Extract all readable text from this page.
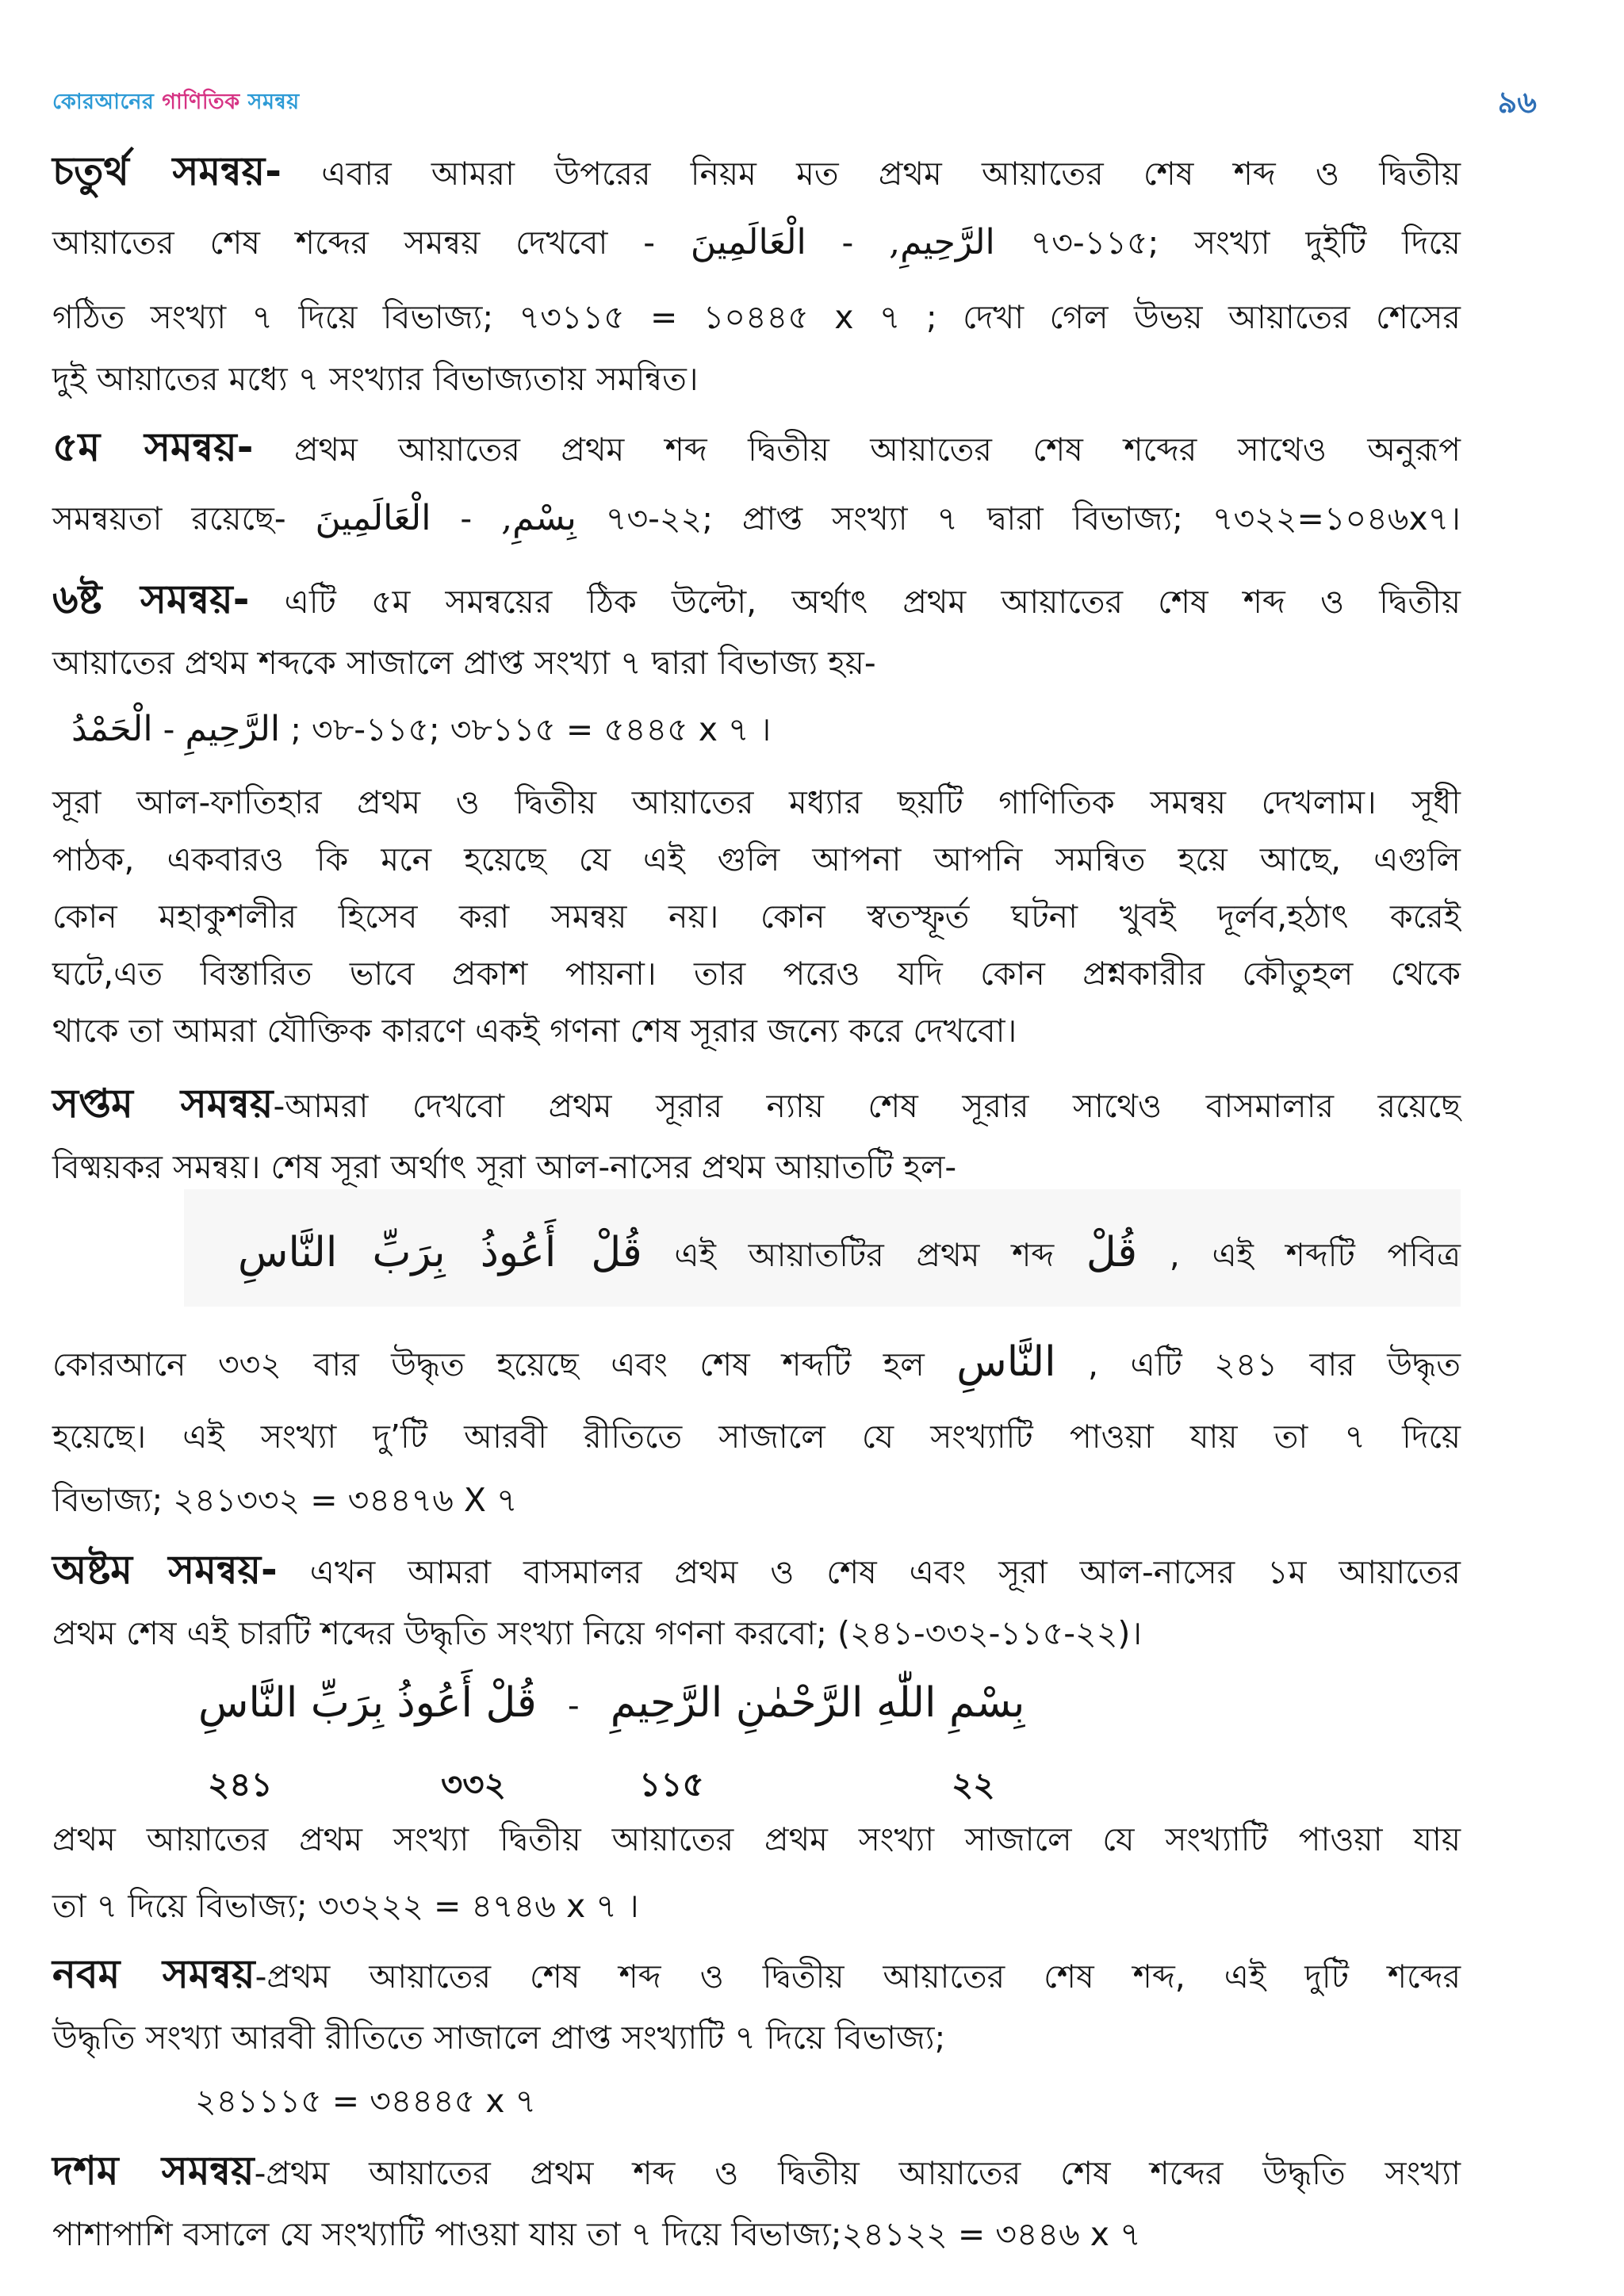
কোরআনের গাণিতিক সমন্বয়	৯৬
চতুর্থ সমন্বয়- এবার আমরা উপরের নিয়ম মত প্রথম আয়াতের শেষ শব্দ ও দ্বিতীয়
আয়াতের শেষ শব্দের সমন্বয় দেখবো - الْعَالَمِينَ - الرَّحِيمِ, ৭৩-১১৫; সংখ্যা দুইটি দিয়ে
গঠিত সংখ্যা ৭ দিয়ে বিভাজ্য; ৭৩১১৫ = ১০৪৪৫ x ৭ ; দেখা গেল উভয় আয়াতের শেসের
দুই আয়াতের মধ্যে ৭ সংখ্যার বিভাজ্যতায় সমন্বিত।
৫ম সমন্বয়- প্রথম আয়াতের প্রথম শব্দ দ্বিতীয় আয়াতের শেষ শব্দের সাথেও অনুরূপ
সমন্বয়তা রয়েছে- الْعَالَمِينَ - بِسْمِ, ৭৩-২২; প্রাপ্ত সংখ্যা ৭ দ্বারা বিভাজ্য; ৭৩২২=১০৪৬x৭।
৬ষ্ট সমন্বয়- এটি ৫ম সমন্বয়ের ঠিক উল্টো, অর্থাৎ প্রথম আয়াতের শেষ শব্দ ও দ্বিতীয়
আয়াতের প্রথম শব্দকে সাজালে প্রাপ্ত সংখ্যা ৭ দ্বারা বিভাজ্য হয়-
الْحَمْدُ - الرَّحِيمِ ; ৩৮-১১৫; ৩৮১১৫ = ৫৪৪৫ x ৭ ।
সূরা আল-ফাতিহার প্রথম ও দ্বিতীয় আয়াতের মধ্যার ছয়টি গাণিতিক সমন্বয় দেখলাম। সূধী
পাঠক, একবারও কি মনে হয়েছে যে এই গুলি আপনা আপনি সমন্বিত হয়ে আছে, এগুলি
কোন মহাকুশলীর হিসেব করা সমন্বয় নয়। কোন স্বতস্ফূর্ত ঘটনা খুবই দূর্লব,হঠাৎ করেই
ঘটে,এত বিস্তারিত ভাবে প্রকাশ পায়না। তার পরেও যদি কোন প্রশ্নকারীর কৌতুহল থেকে
থাকে তা আমরা যৌক্তিক কারণে একই গণনা শেষ সূরার জন্যে করে দেখবো।
সপ্তম সমন্বয়-আমরা দেখবো প্রথম সূরার ন্যায় শেষ সূরার সাথেও বাসমালার রয়েছে
বিষ্ময়কর সমন্বয়। শেষ সূরা অর্থাৎ সূরা আল-নাসের প্রথম আয়াতটি হল-
قُلْ أَعُوذُ بِرَبِّ النَّاسِ এই আয়াতটির প্রথম শব্দ قُلْ , এই শব্দটি পবিত্র
কোরআনে ৩৩২ বার উদ্ধৃত হয়েছে এবং শেষ শব্দটি হল النَّاسِ , এটি ২৪১ বার উদ্ধৃত
হয়েছে। এই সংখ্যা দু’টি আরবী রীতিতে সাজালে যে সংখ্যাটি পাওয়া যায় তা ৭ দিয়ে
বিভাজ্য; ২৪১৩৩২ = ৩৪৪৭৬ X ৭
অষ্টম সমন্বয়- এখন আমরা বাসমালর প্রথম ও শেষ এবং সূরা আল-নাসের ১ম আয়াতের
প্রথম শেষ এই চারটি শব্দের উদ্ধৃতি সংখ্যা নিয়ে গণনা করবো; (২৪১-৩৩২-১১৫-২২)।
قُلْ أَعُوذُ بِرَبِّ النَّاسِ - بِسْمِ اللّٰهِ الرَّحْمٰنِ الرَّحِيمِ
২৪১	৩৩২	১১৫	২২
প্রথম আয়াতের প্রথম সংখ্যা দ্বিতীয় আয়াতের প্রথম সংখ্যা সাজালে যে সংখ্যাটি পাওয়া যায়
তা ৭ দিয়ে বিভাজ্য; ৩৩২২২ = ৪৭৪৬ x ৭ ।
নবম সমন্বয়-প্রথম আয়াতের শেষ শব্দ ও দ্বিতীয় আয়াতের শেষ শব্দ, এই দুটি শব্দের
উদ্ধৃতি সংখ্যা আরবী রীতিতে সাজালে প্রাপ্ত সংখ্যাটি ৭ দিয়ে বিভাজ্য;
২৪১১১৫ = ৩৪৪৪৫ x ৭
দশম সমন্বয়-প্রথম আয়াতের প্রথম শব্দ ও দ্বিতীয় আয়াতের শেষ শব্দের উদ্ধৃতি সংখ্যা
পাশাপাশি বসালে যে সংখ্যাটি পাওয়া যায় তা ৭ দিয়ে বিভাজ্য;২৪১২২ = ৩৪৪৬ x ৭
